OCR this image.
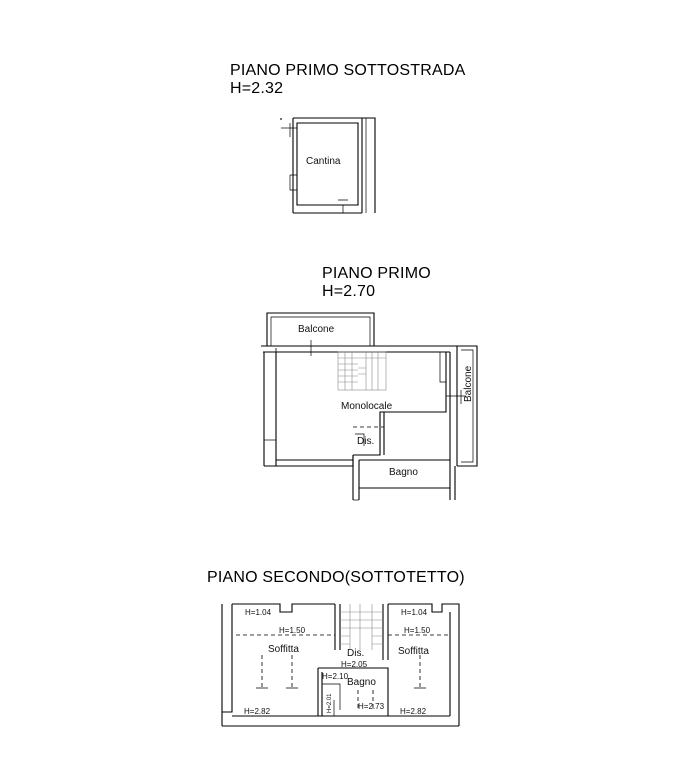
PIANO PRIMO SOTTOSTRADA
H=2.32
Cantina
PIANO PRIMO
H=2.70
Balcone
Balcone
Monolocale
Dis.
Bagno
PIANO SECONDO(SOTTOTETTO)
Soffitta	Soffitta
Dis.
Bagno
H=1.04	H=1.04
H=1.50	H=1.50
H=2.82	H=2.82
H=2.05
H=2.10
H=2.73
H=2.01
